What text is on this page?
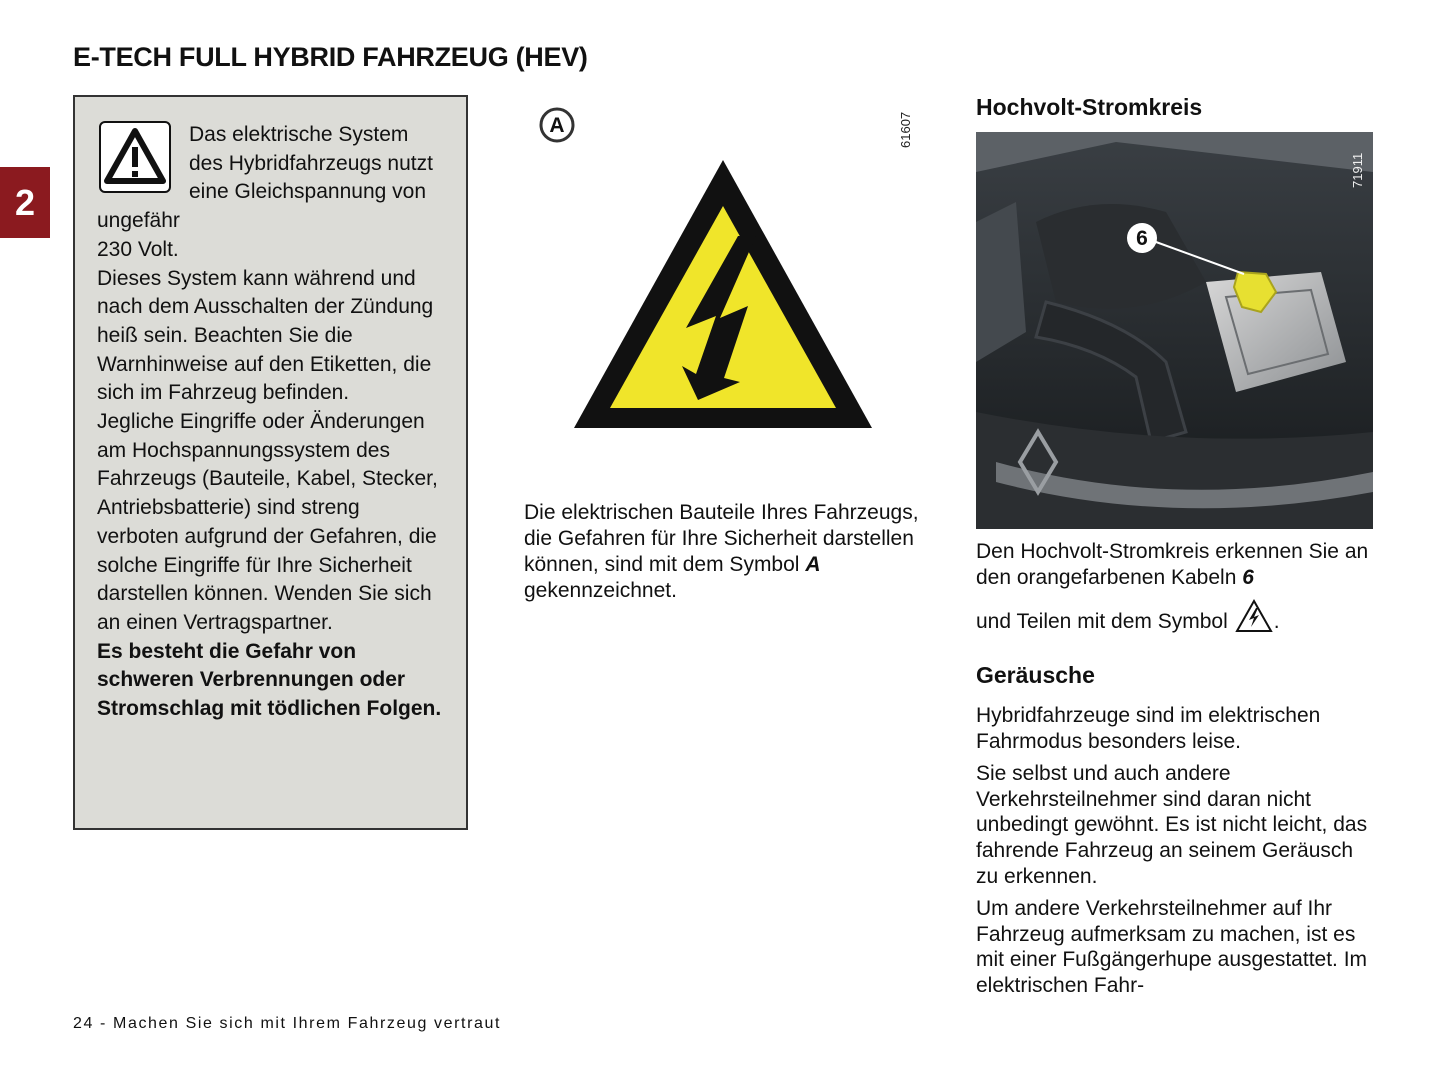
E-TECH FULL HYBRID FAHRZEUG (HEV)
2

Das elektrische System des Hybridfahrzeugs nutzt eine Gleichspannung von ungefähr

230 Volt.

Dieses System kann während und nach dem Ausschalten der Zündung heiß sein. Beachten Sie die Warnhinweise auf den Etiketten, die sich im Fahrzeug befinden.

Jegliche Eingriffe oder Änderungen am Hochspannungssystem des Fahrzeugs (Bauteile, Kabel, Stecker, Antriebsbatterie) sind streng verboten aufgrund der Gefahren, die solche Eingriffe für Ihre Sicherheit darstellen können. Wenden Sie sich an einen Vertragspartner.

Es besteht die Gefahr von schweren Verbrennungen oder Stromschlag mit tödlichen Folgen.

A	61607

Die elektrischen Bauteile Ihres Fahrzeugs, die Gefahren für Ihre Sicherheit darstellen können, sind mit dem Symbol A gekennzeichnet.

Hochvolt-Stromkreis
6
71911

Den Hochvolt-Stromkreis erkennen Sie an den orangefarbenen Kabeln 6

und Teilen mit dem Symbol .

Geräusche

Hybridfahrzeuge sind im elektrischen Fahrmodus besonders leise.

Sie selbst und auch andere Verkehrsteilnehmer sind daran nicht unbedingt gewöhnt. Es ist nicht leicht, das fahrende Fahrzeug an seinem Geräusch zu erkennen.

Um andere Verkehrsteilnehmer auf Ihr Fahrzeug aufmerksam zu machen, ist es mit einer Fußgängerhupe ausgestattet. Im elektrischen Fahr-

24 - Machen Sie sich mit Ihrem Fahrzeug vertraut
